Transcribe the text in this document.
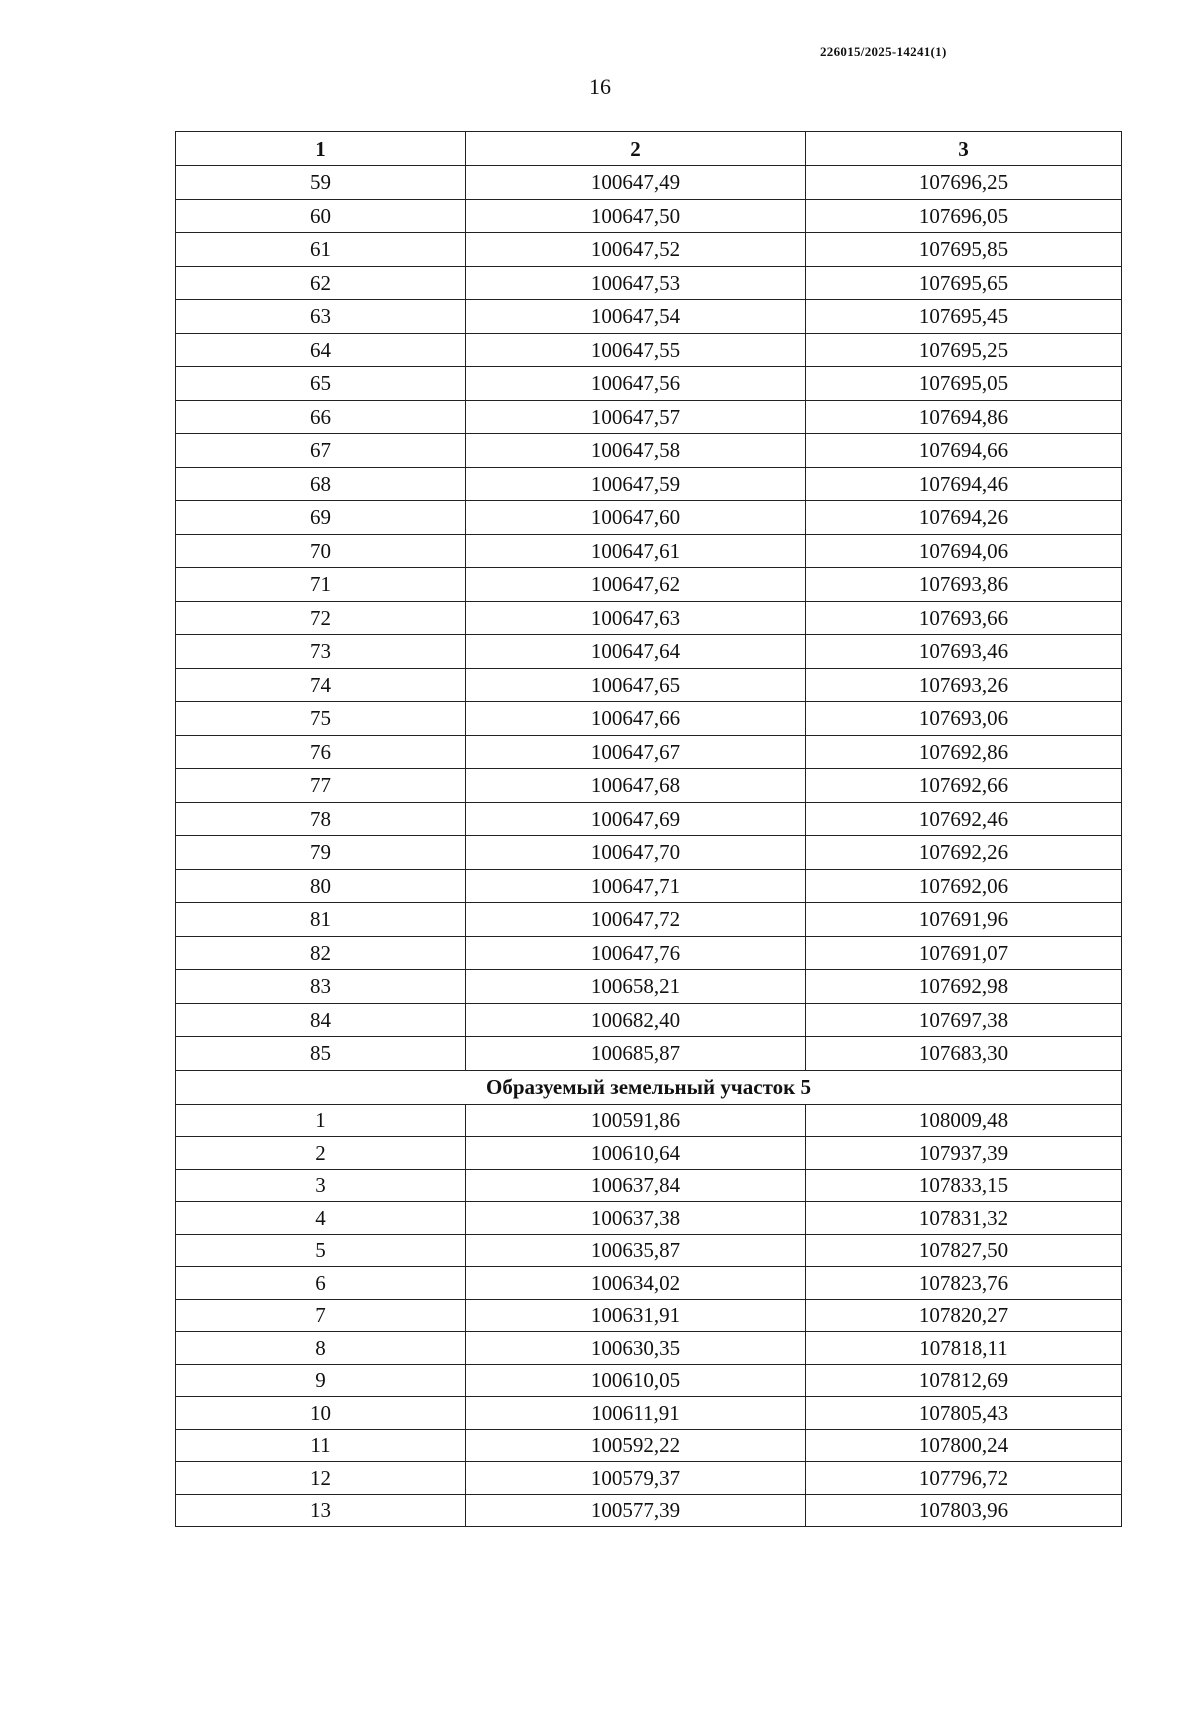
226015/2025-14241(1)
16
1	2	3
59	100647,49	107696,25
60	100647,50	107696,05
61	100647,52	107695,85
62	100647,53	107695,65
63	100647,54	107695,45
64	100647,55	107695,25
65	100647,56	107695,05
66	100647,57	107694,86
67	100647,58	107694,66
68	100647,59	107694,46
69	100647,60	107694,26
70	100647,61	107694,06
71	100647,62	107693,86
72	100647,63	107693,66
73	100647,64	107693,46
74	100647,65	107693,26
75	100647,66	107693,06
76	100647,67	107692,86
77	100647,68	107692,66
78	100647,69	107692,46
79	100647,70	107692,26
80	100647,71	107692,06
81	100647,72	107691,96
82	100647,76	107691,07
83	100658,21	107692,98
84	100682,40	107697,38
85	100685,87	107683,30
Образуемый земельный участок 5		
1	100591,86	108009,48
2	100610,64	107937,39
3	100637,84	107833,15
4	100637,38	107831,32
5	100635,87	107827,50
6	100634,02	107823,76
7	100631,91	107820,27
8	100630,35	107818,11
9	100610,05	107812,69
10	100611,91	107805,43
11	100592,22	107800,24
12	100579,37	107796,72
13	100577,39	107803,96
